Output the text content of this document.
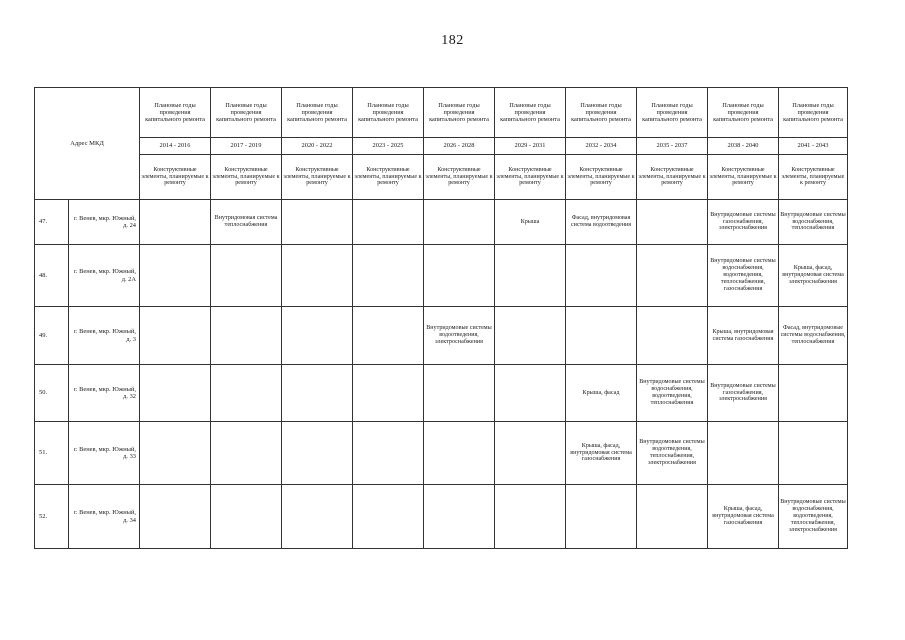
182
Адрес МКД		Плановые годы проведения капитального ремонта	Плановые годы проведения капитального ремонта	Плановые годы проведения капитального ремонта	Плановые годы проведения капитального ремонта	Плановые годы проведения капитального ремонта	Плановые годы проведения капитального ремонта	Плановые годы проведения капитального ремонта	Плановые годы проведения капитального ремонта	Плановые годы проведения капитального ремонта	Плановые годы проведения капитального ремонта
		2014 - 2016	2017 - 2019	2020 - 2022	2023 - 2025	2026 - 2028	2029 - 2031	2032 - 2034	2035 - 2037	2038 - 2040	2041 - 2043
		Конструктивные элементы, планируемые к ремонту	Конструктивные элементы, планируемые к ремонту	Конструктивные элементы, планируемые к ремонту	Конструктивные элементы, планируемые к ремонту	Конструктивные элементы, планируемые к ремонту	Конструктивные элементы, планируемые к ремонту	Конструктивные элементы, планируемые к ремонту	Конструктивные элементы, планируемые к ремонту	Конструктивные элементы, планируемые к ремонту	Конструктивные элементы, планируемые к ремонту
47.	г. Венев, мкр. Южный, д. 24		Внутридомовая система теплоснабжения				Крыша	Фасад, внутридомовая система водоотведения		Внутридомовые системы газоснабжения, электроснабжения	Внутридомовые системы водоснабжения, теплоснабжения
48.	г. Венев, мкр. Южный, д. 2А									Внутридомовые системы водоснабжения, водоотведения, теплоснабжения, газоснабжения	Крыша, фасад, внутридомовая система электроснабжения
49.	г. Венев, мкр. Южный, д. 3					Внутридомовые системы водоотведения, электроснабжения				Крыша, внутридомовая система газоснабжения	Фасад, внутридомовые системы водоснабжения, теплоснабжения
50.	г. Венев, мкр. Южный, д. 32							Крыша, фасад	Внутридомовые системы водоснабжения, водоотведения, теплоснабжения	Внутридомовые системы газоснабжения, электроснабжения	
51.	г. Венев, мкр. Южный, д. 33							Крыша, фасад, внутридомовая система газоснабжения	Внутридомовые системы водоотведения, теплоснабжения, электроснабжения		
52.	г. Венев, мкр. Южный, д. 34									Крыша, фасад, внутридомовая система газоснабжения	Внутридомовые системы водоснабжения, водоотведения, теплоснабжения, электроснабжения
